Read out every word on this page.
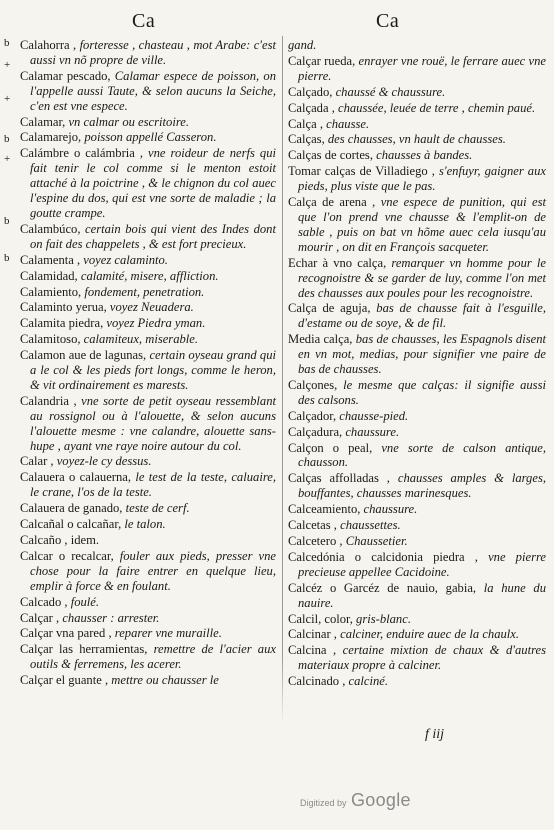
Ca	Ca
b
+
+
b
+
b
b

Calahorra , forteresse , chasteau , mot Arabe: c'est aussi vn nõ propre de ville.

Calamar pescado, Calamar espece de poisson, on l'appelle aussi Taute, & selon aucuns la Seiche, c'en est vne espece.

Calamar, vn calmar ou escritoire.

Calamarejo, poisson appellé Casseron.

Calámbre o calámbria , vne roideur de nerfs qui fait tenir le col comme si le menton estoit attaché à la poictrine , & le chignon du col auec l'espine du dos, qui est vne sorte de maladie ; la goutte crampe.

Calambúco, certain bois qui vient des Indes dont on fait des chappelets , & est fort precieux.

Calamenta , voyez calaminto.

Calamidad, calamité, misere, affliction.

Calamiento, fondement, penetration.

Calaminto yerua, voyez Neuadera.

Calamita piedra, voyez Piedra yman.

Calamitoso, calamiteux, miserable.

Calamon aue de lagunas, certain oyseau grand qui a le col & les pieds fort longs, comme le heron, & vit ordinairement es marests.

Calandria , vne sorte de petit oyseau ressemblant au rossignol ou à l'alouette, & selon aucuns l'alouette mesme : vne calandre, alouette sans-hupe , ayant vne raye noire autour du col.

Calar , voyez-le cy dessus.

Calauera o calauerna, le test de la teste, caluaire, le crane, l'os de la teste.

Calauera de ganado, teste de cerf.

Calcañal o calcañar, le talon.

Calcaño , idem.

Calcar o recalcar, fouler aux pieds, presser vne chose pour la faire entrer en quelque lieu, emplir à force & en foulant.

Calcado , foulé.

Calçar , chausser : arrester.

Calçar vna pared , reparer vne muraille.

Calçar las herramientas, remettre de l'acier aux outils & ferremens, les acerer.

Calçar el guante , mettre ou chausser le

gand.

Calçar rueda, enrayer vne rouë, le ferrare auec vne pierre.

Calçado, chaussé & chaussure.

Calçada , chaussée, leuée de terre , chemin paué.

Calça , chausse.

Calças, des chausses, vn hault de chausses.

Calças de cortes, chausses à bandes.

Tomar calças de Villadiego , s'enfuyr, gaigner aux pieds, plus viste que le pas.

Calça de arena , vne espece de punition, qui est que l'on prend vne chausse & l'emplit-on de sable , puis on bat vn hõme auec cela iusqu'au mourir , on dit en François sacqueter.

Echar à vno calça, remarquer vn homme pour le recognoistre & se garder de luy, comme l'on met des chausses aux poules pour les recognoistre.

Calça de aguja, bas de chausse fait à l'esguille, d'estame ou de soye, & de fil.

Media calça, bas de chausses, les Espagnols disent en vn mot, medias, pour signifier vne paire de bas de chausses.

Calçones, le mesme que calças: il signifie aussi des calsons.

Calçador, chausse-pied.

Calçadura, chaussure.

Calçon o peal, vne sorte de calson antique, chausson.

Calças affolladas , chausses amples & larges, bouffantes, chausses marinesques.

Calceamiento, chaussure.

Calcetas , chaussettes.

Calcetero , Chaussetier.

Calcedónia o calcidonia piedra , vne pierre precieuse appellee Cacidoine.

Calcéz o Garcéz de nauio, gabia, la hune du nauire.

Calcil, color, gris-blanc.

Calcinar , calciner, enduire auec de la chaulx.

Calcina , certaine mixtion de chaux & d'autres materiaux propre à calciner.

Calcinado , calciné.

f iij
Digitized by Google
